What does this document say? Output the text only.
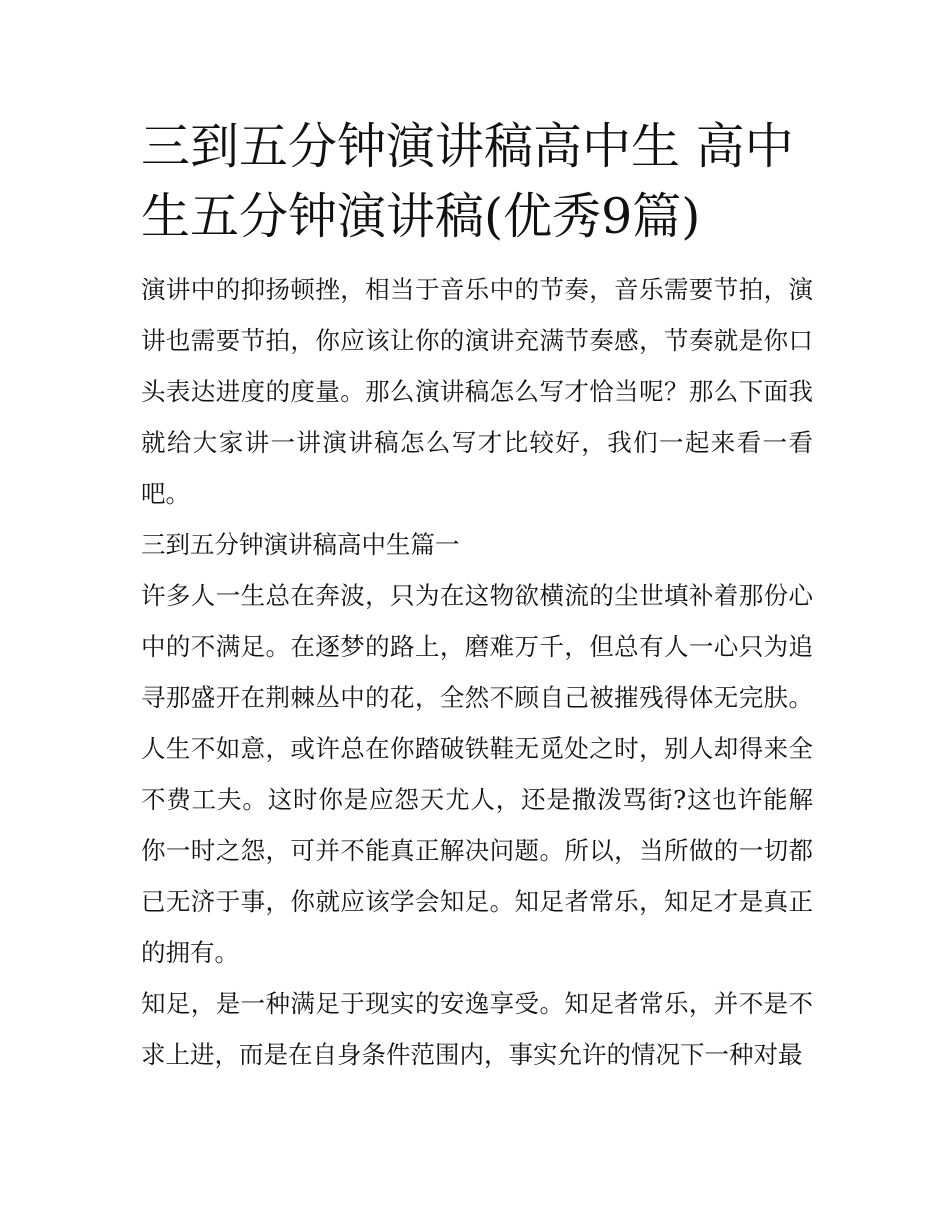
三到五分钟演讲稿高中生 高中生五分钟演讲稿(优秀9篇)

演讲中的抑扬顿挫，相当于音乐中的节奏，音乐需要节拍，演讲也需要节拍，你应该让你的演讲充满节奏感，节奏就是你口头表达进度的度量。那么演讲稿怎么写才恰当呢？那么下面我就给大家讲一讲演讲稿怎么写才比较好，我们一起来看一看吧。

三到五分钟演讲稿高中生篇一

许多人一生总在奔波，只为在这物欲横流的尘世填补着那份心中的不满足。在逐梦的路上，磨难万千，但总有人一心只为追寻那盛开在荆棘丛中的花，全然不顾自己被摧残得体无完肤。人生不如意，或许总在你踏破铁鞋无觅处之时，别人却得来全不费工夫。这时你是应怨天尤人，还是撒泼骂街?这也许能解你一时之怨，可并不能真正解决问题。所以，当所做的一切都已无济于事，你就应该学会知足。知足者常乐，知足才是真正的拥有。

知足，是一种满足于现实的安逸享受。知足者常乐，并不是不求上进，而是在自身条件范围内，事实允许的情况下一种对最
